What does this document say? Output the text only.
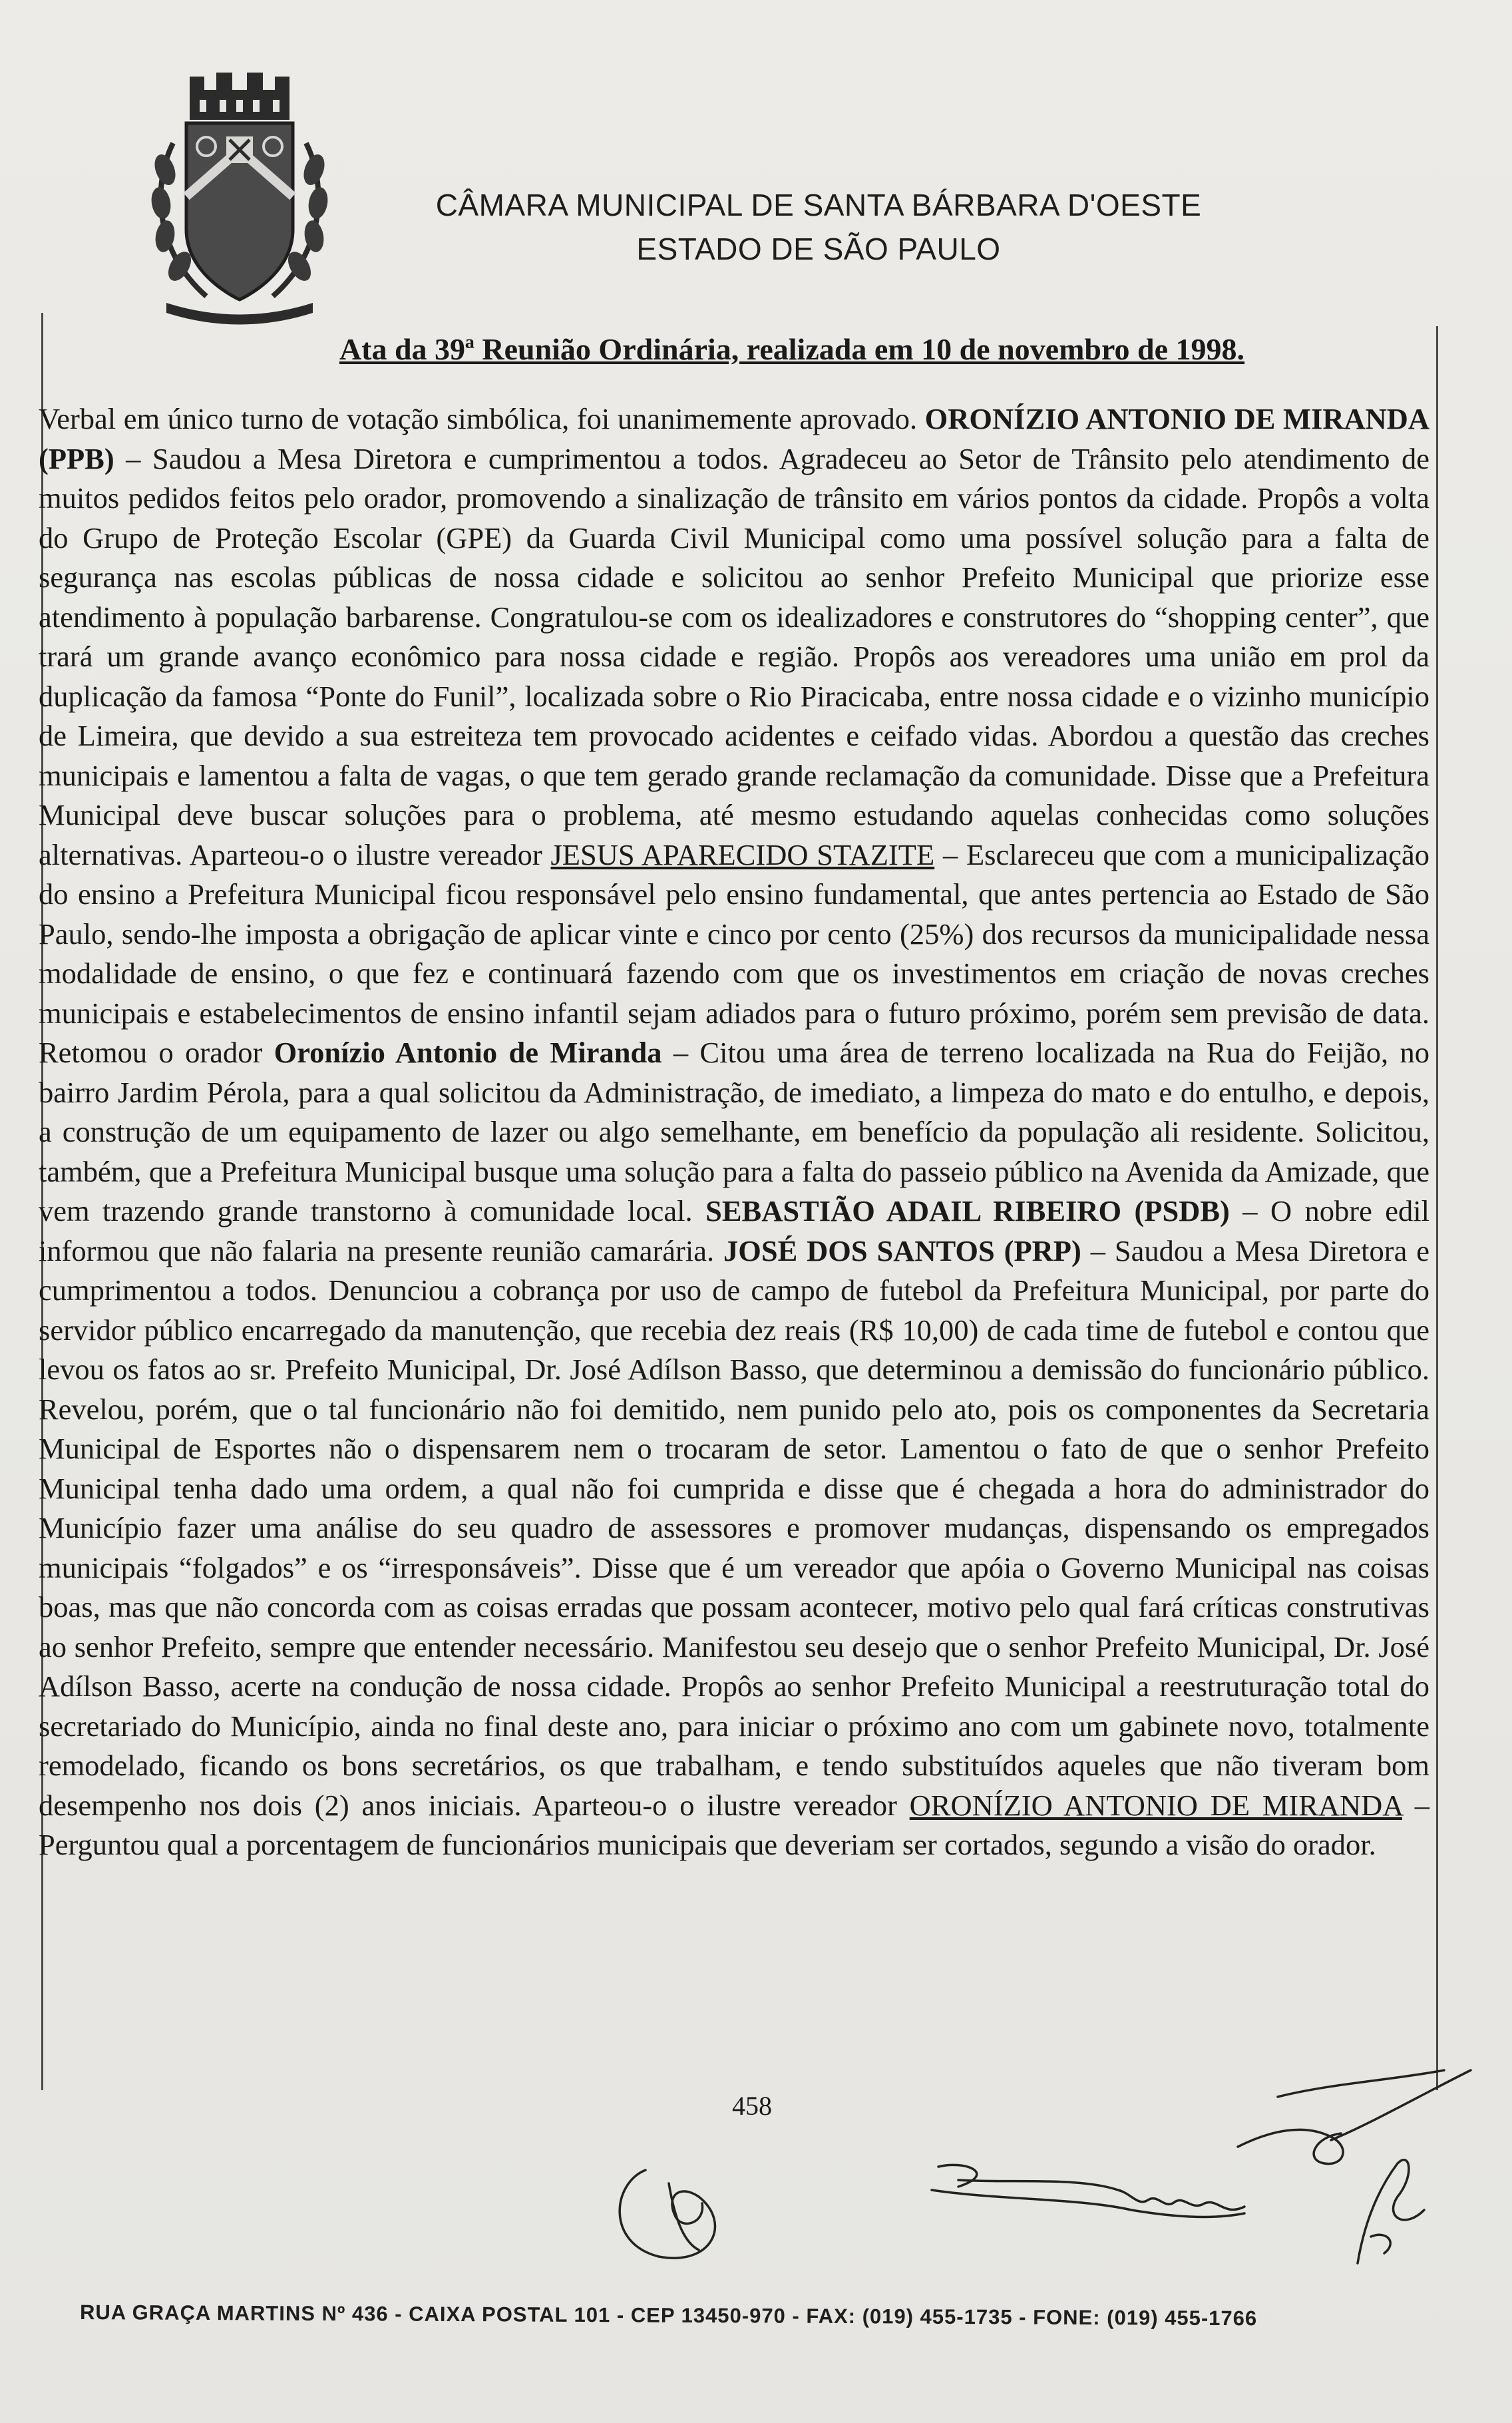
CÂMARA MUNICIPAL DE SANTA BÁRBARA D'OESTE
ESTADO DE SÃO PAULO
Ata da 39ª Reunião Ordinária, realizada em 10 de novembro de 1998.

Verbal em único turno de votação simbólica, foi unanimemente aprovado. ORONÍZIO ANTONIO DE MIRANDA (PPB) – Saudou a Mesa Diretora e cumprimentou a todos. Agradeceu ao Setor de Trânsito pelo atendimento de muitos pedidos feitos pelo orador, promovendo a sinalização de trânsito em vários pontos da cidade. Propôs a volta do Grupo de Proteção Escolar (GPE) da Guarda Civil Municipal como uma possível solução para a falta de segurança nas escolas públicas de nossa cidade e solicitou ao senhor Prefeito Municipal que priorize esse atendimento à população barbarense. Congratulou-se com os idealizadores e construtores do “shopping center”, que trará um grande avanço econômico para nossa cidade e região. Propôs aos vereadores uma união em prol da duplicação da famosa “Ponte do Funil”, localizada sobre o Rio Piracicaba, entre nossa cidade e o vizinho município de Limeira, que devido a sua estreiteza tem provocado acidentes e ceifado vidas. Abordou a questão das creches municipais e lamentou a falta de vagas, o que tem gerado grande reclamação da comunidade. Disse que a Prefeitura Municipal deve buscar soluções para o problema, até mesmo estudando aquelas conhecidas como soluções alternativas. Aparteou-o o ilustre vereador JESUS APARECIDO STAZITE – Esclareceu que com a municipalização do ensino a Prefeitura Municipal ficou responsável pelo ensino fundamental, que antes pertencia ao Estado de São Paulo, sendo-lhe imposta a obrigação de aplicar vinte e cinco por cento (25%) dos recursos da municipalidade nessa modalidade de ensino, o que fez e continuará fazendo com que os investimentos em criação de novas creches municipais e estabelecimentos de ensino infantil sejam adiados para o futuro próximo, porém sem previsão de data. Retomou o orador Oronízio Antonio de Miranda – Citou uma área de terreno localizada na Rua do Feijão, no bairro Jardim Pérola, para a qual solicitou da Administração, de imediato, a limpeza do mato e do entulho, e depois, a construção de um equipamento de lazer ou algo semelhante, em benefício da população ali residente. Solicitou, também, que a Prefeitura Municipal busque uma solução para a falta do passeio público na Avenida da Amizade, que vem trazendo grande transtorno à comunidade local. SEBASTIÃO ADAIL RIBEIRO (PSDB) – O nobre edil informou que não falaria na presente reunião camarária. JOSÉ DOS SANTOS (PRP) – Saudou a Mesa Diretora e cumprimentou a todos. Denunciou a cobrança por uso de campo de futebol da Prefeitura Municipal, por parte do servidor público encarregado da manutenção, que recebia dez reais (R$ 10,00) de cada time de futebol e contou que levou os fatos ao sr. Prefeito Municipal, Dr. José Adílson Basso, que determinou a demissão do funcionário público. Revelou, porém, que o tal funcionário não foi demitido, nem punido pelo ato, pois os componentes da Secretaria Municipal de Esportes não o dispensarem nem o trocaram de setor. Lamentou o fato de que o senhor Prefeito Municipal tenha dado uma ordem, a qual não foi cumprida e disse que é chegada a hora do administrador do Município fazer uma análise do seu quadro de assessores e promover mudanças, dispensando os empregados municipais “folgados” e os “irresponsáveis”. Disse que é um vereador que apóia o Governo Municipal nas coisas boas, mas que não concorda com as coisas erradas que possam acontecer, motivo pelo qual fará críticas construtivas ao senhor Prefeito, sempre que entender necessário. Manifestou seu desejo que o senhor Prefeito Municipal, Dr. José Adílson Basso, acerte na condução de nossa cidade. Propôs ao senhor Prefeito Municipal a reestruturação total do secretariado do Município, ainda no final deste ano, para iniciar o próximo ano com um gabinete novo, totalmente remodelado, ficando os bons secretários, os que trabalham, e tendo substituídos aqueles que não tiveram bom desempenho nos dois (2) anos iniciais. Aparteou-o o ilustre vereador ORONÍZIO ANTONIO DE MIRANDA – Perguntou qual a porcentagem de funcionários municipais que deveriam ser cortados, segundo a visão do orador.

458
RUA GRAÇA MARTINS Nº 436 - CAIXA POSTAL 101 - CEP 13450-970 - FAX: (019) 455-1735 - FONE: (019) 455-1766
